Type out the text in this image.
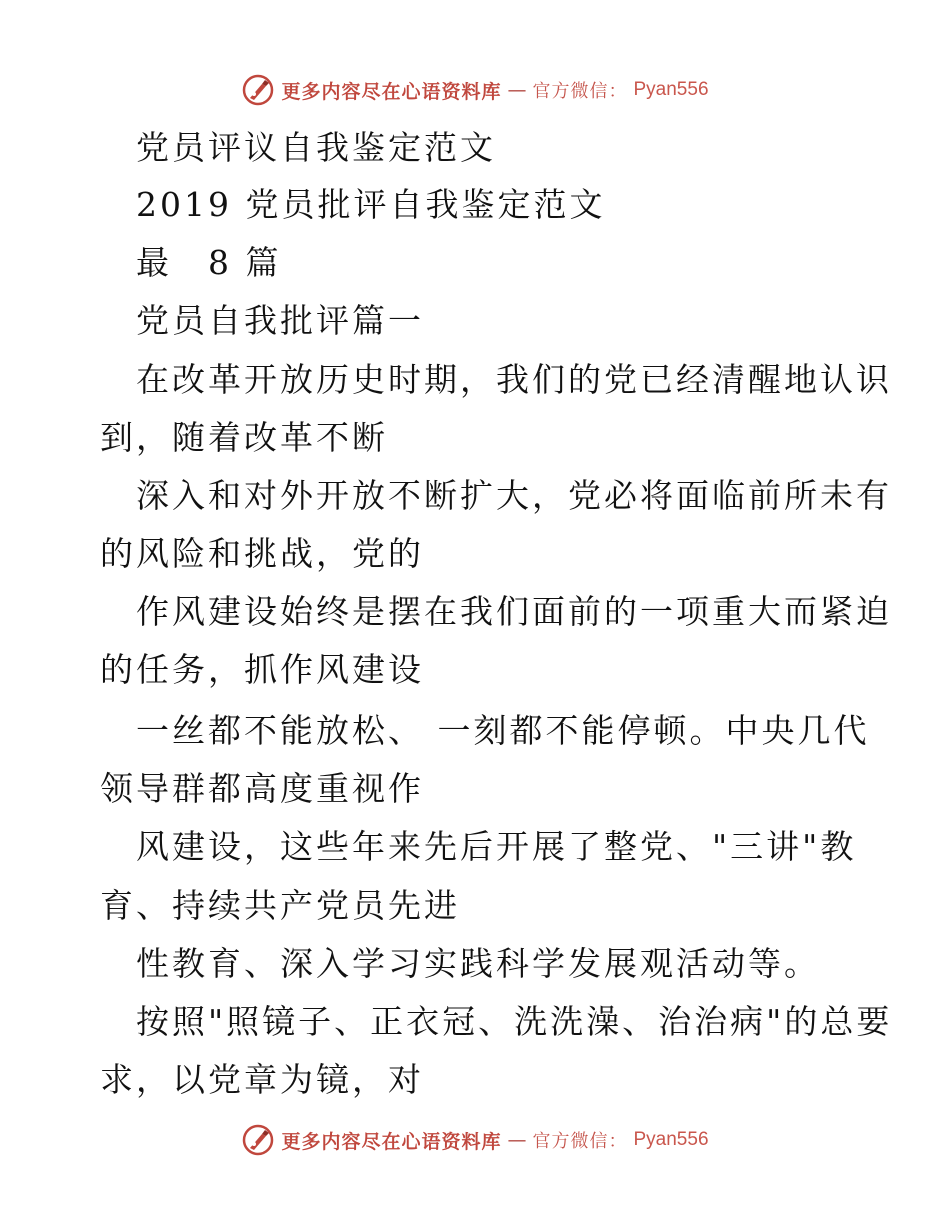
更多内容尽在心语资料库 — 官方微信： Pyan556
党员评议自我鉴定范文
2019 党员批评自我鉴定范文
最　8 篇
党员自我批评篇一
在改革开放历史时期，我们的党已经清醒地认识
到，随着改革不断
深入和对外开放不断扩大，党必将面临前所未有
的风险和挑战，党的
作风建设始终是摆在我们面前的一项重大而紧迫
的任务，抓作风建设
一丝都不能放松、 一刻都不能停顿。中央几代
领导群都高度重视作
风建设，这些年来先后开展了整党、"三讲"教
育、持续共产党员先进
性教育、深入学习实践科学发展观活动等。
按照"照镜子、正衣冠、洗洗澡、治治病"的总要
求，以党章为镜，对
更多内容尽在心语资料库 — 官方微信： Pyan556
